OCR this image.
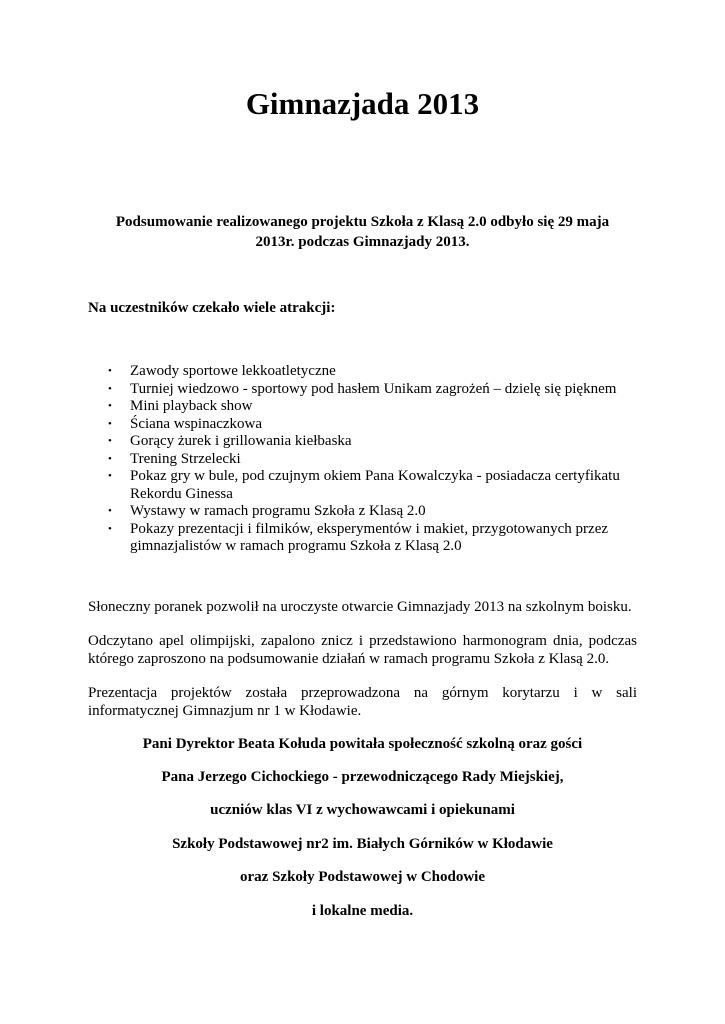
Gimnazjada 2013

Podsumowanie realizowanego projektu Szkoła z Klasą 2.0 odbyło się 29 maja
2013r. podczas Gimnazjady 2013.

Na uczestników czekało wiele atrakcji:

•	Zawody sportowe lekkoatletyczne
•	Turniej wiedzowo - sportowy pod hasłem Unikam zagrożeń – dzielę się pięknem
•	Mini playback show
•	Ściana wspinaczkowa
•	Gorący żurek i grillowania kiełbaska
•	Trening Strzelecki
•	Pokaz gry w bule, pod czujnym okiem Pana Kowalczyka - posiadacza certyfikatu Rekordu Ginessa
•	Wystawy w ramach programu Szkoła z Klasą 2.0
•	Pokazy prezentacji i filmików, eksperymentów i makiet, przygotowanych przez gimnazjalistów w ramach programu Szkoła z Klasą 2.0

Słoneczny poranek pozwolił na uroczyste otwarcie Gimnazjady 2013 na szkolnym boisku.

Odczytano apel olimpijski, zapalono znicz i przedstawiono harmonogram dnia, podczas którego zaproszono na podsumowanie działań w ramach programu Szkoła z Klasą 2.0.

Prezentacja projektów została przeprowadzona na górnym korytarzu i w sali informatycznej Gimnazjum nr 1 w Kłodawie.

Pani Dyrektor Beata Kołuda powitała społeczność szkolną oraz gości

Pana Jerzego Cichockiego - przewodniczącego Rady Miejskiej,

uczniów klas VI z wychowawcami i opiekunami

Szkoły Podstawowej nr2 im. Białych Górników w Kłodawie

oraz Szkoły Podstawowej w Chodowie

i lokalne media.
